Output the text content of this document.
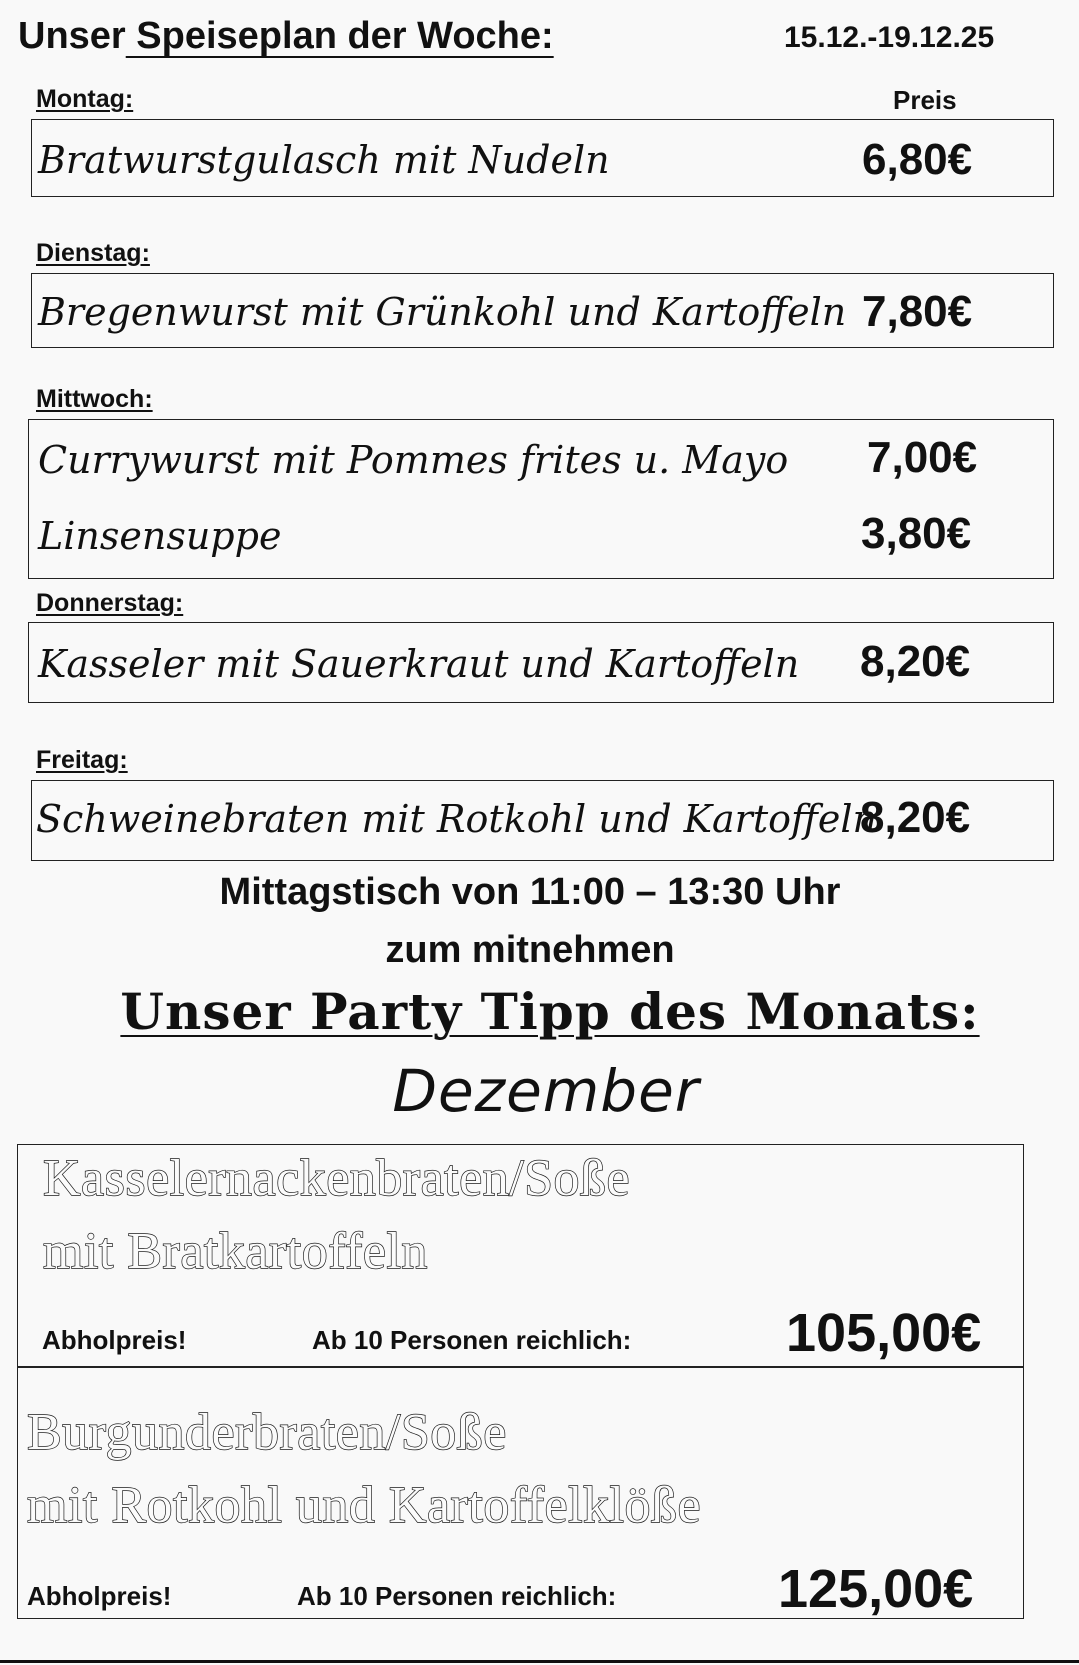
Unser Speiseplan der Woche:	15.12.-19.12.25
Preis
Montag:
Bratwurstgulasch mit Nudeln	6,80€
Dienstag:
Bregenwurst mit Grünkohl und Kartoffeln 7,80€
Mittwoch:
Currywurst mit Pommes frites u. Mayo 7,00€
Linsensuppe	3,80€
Donnerstag:
Kasseler mit Sauerkraut und Kartoffeln 8,20€
Freitag:
Schweinebraten mit Rotkohl und Kartoffeln
8,20€
Mittagstisch von 11:00 – 13:30 Uhr
zum mitnehmen
Unser Party Tipp des Monats:
Dezember
Kasselernackenbraten/Soße
mit Bratkartoffeln
Abholpreis!	Ab 10 Personen reichlich:	105,00€
Burgunderbraten/Soße
mit Rotkohl und Kartoffelklöße
Abholpreis!	Ab 10 Personen reichlich:	125,00€
